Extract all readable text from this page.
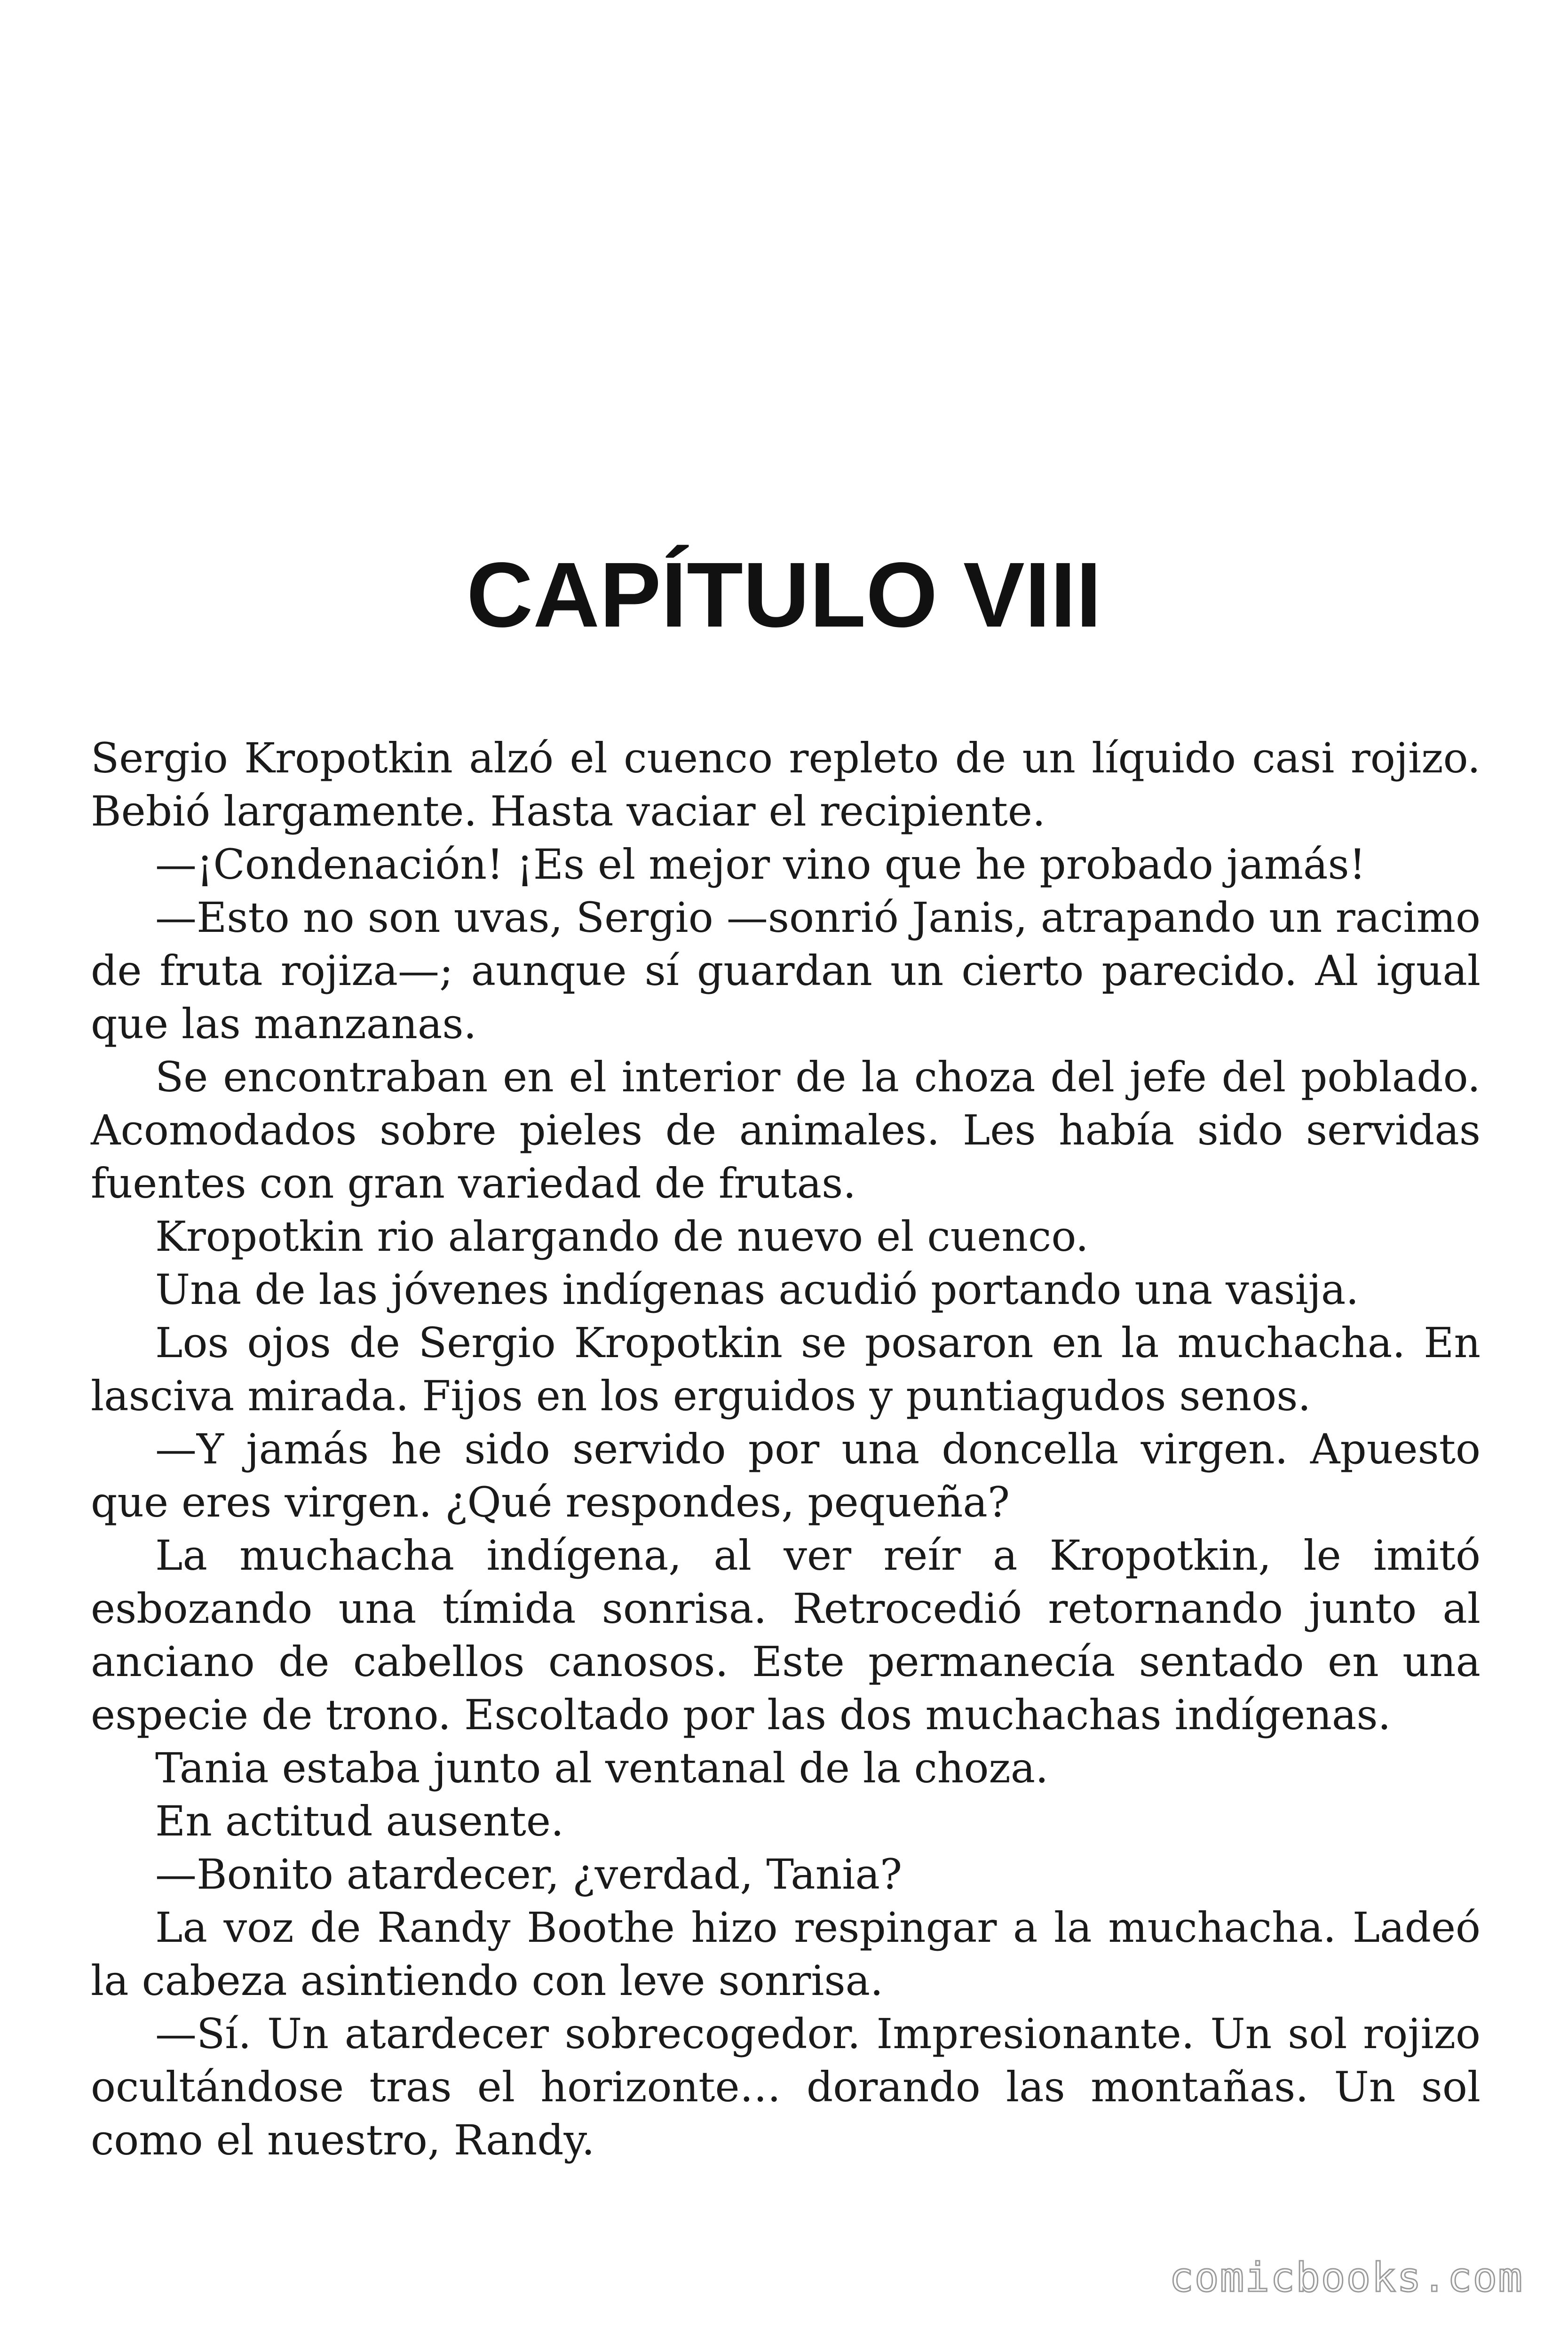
CAPÍTULO VIII

Sergio Kropotkin alzó el cuenco repleto de un líquido casi rojizo. Bebió largamente. Hasta vaciar el recipiente.

—¡Condenación! ¡Es el mejor vino que he probado jamás!

—Esto no son uvas, Sergio —sonrió Janis, atrapando un racimo de fruta rojiza—; aunque sí guardan un cierto parecido. Al igual que las manzanas.

Se encontraban en el interior de la choza del jefe del poblado. Acomodados sobre pieles de animales. Les había sido servidas fuentes con gran variedad de frutas.

Kropotkin rio alargando de nuevo el cuenco.

Una de las jóvenes indígenas acudió portando una vasija.

Los ojos de Sergio Kropotkin se posaron en la muchacha. En lasciva mirada. Fijos en los erguidos y puntiagudos senos.

—Y jamás he sido servido por una doncella virgen. Apuesto que eres virgen. ¿Qué respondes, pequeña?

La muchacha indígena, al ver reír a Kropotkin, le imitó esbozando una tímida sonrisa. Retrocedió retornando junto al anciano de cabellos canosos. Este permanecía sentado en una especie de trono. Escoltado por las dos muchachas indígenas.

Tania estaba junto al ventanal de la choza.

En actitud ausente.

—Bonito atardecer, ¿verdad, Tania?

La voz de Randy Boothe hizo respingar a la muchacha. Ladeó la cabeza asintiendo con leve sonrisa.

—Sí. Un atardecer sobrecogedor. Impresionante. Un sol rojizo ocultándose tras el horizonte… dorando las montañas. Un sol como el nuestro, Randy.

comicbooks.com
